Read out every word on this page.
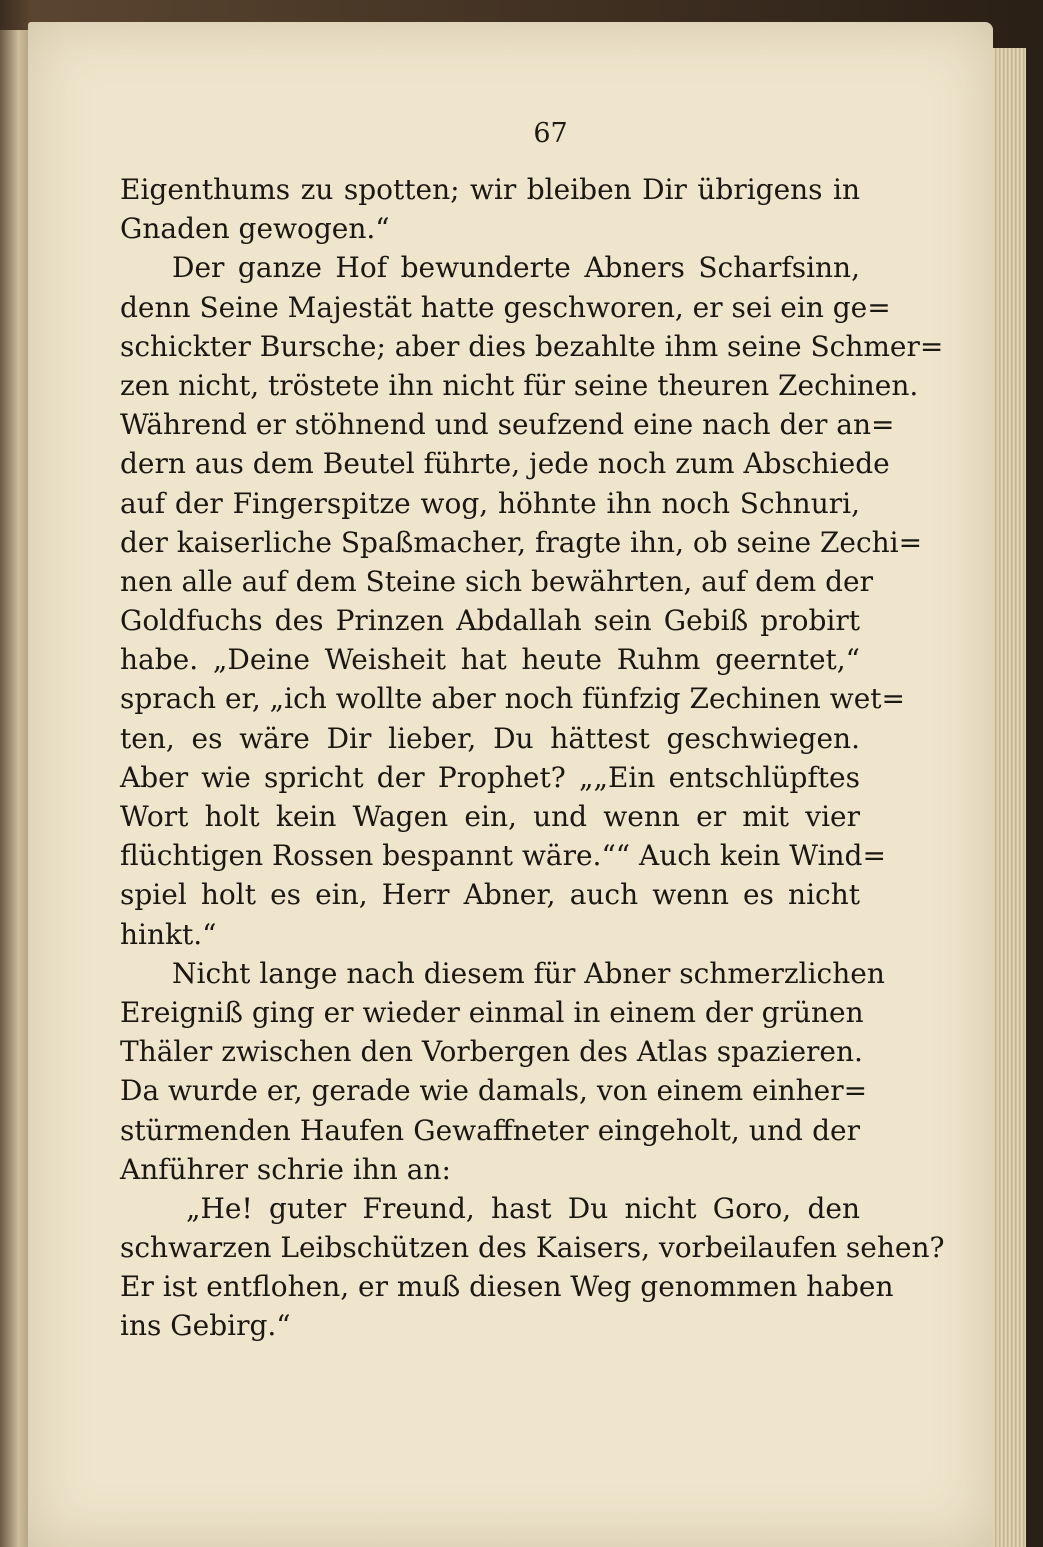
67
Eigenthums zu spotten; wir bleiben Dir übrigens in
Gnaden gewogen.“
Der ganze Hof bewunderte Abners Scharfsinn,
denn Seine Majestät hatte geschworen, er sei ein ge=
schickter Bursche; aber dies bezahlte ihm seine Schmer=
zen nicht, tröstete ihn nicht für seine theuren Zechinen.
Während er stöhnend und seufzend eine nach der an=
dern aus dem Beutel führte, jede noch zum Abschiede
auf der Fingerspitze wog, höhnte ihn noch Schnuri,
der kaiserliche Spaßmacher, fragte ihn, ob seine Zechi=
nen alle auf dem Steine sich bewährten, auf dem der
Goldfuchs des Prinzen Abdallah sein Gebiß probirt
habe. „Deine Weisheit hat heute Ruhm geerntet,“
sprach er, „ich wollte aber noch fünfzig Zechinen wet=
ten, es wäre Dir lieber, Du hättest geschwiegen.
Aber wie spricht der Prophet? „„Ein entschlüpftes
Wort holt kein Wagen ein, und wenn er mit vier
flüchtigen Rossen bespannt wäre.““ Auch kein Wind=
spiel holt es ein, Herr Abner, auch wenn es nicht
hinkt.“
Nicht lange nach diesem für Abner schmerzlichen
Ereigniß ging er wieder einmal in einem der grünen
Thäler zwischen den Vorbergen des Atlas spazieren.
Da wurde er, gerade wie damals, von einem einher=
stürmenden Haufen Gewaffneter eingeholt, und der
Anführer schrie ihn an:
„He! guter Freund, hast Du nicht Goro, den
schwarzen Leibschützen des Kaisers, vorbeilaufen sehen?
Er ist entflohen, er muß diesen Weg genommen haben
ins Gebirg.“
